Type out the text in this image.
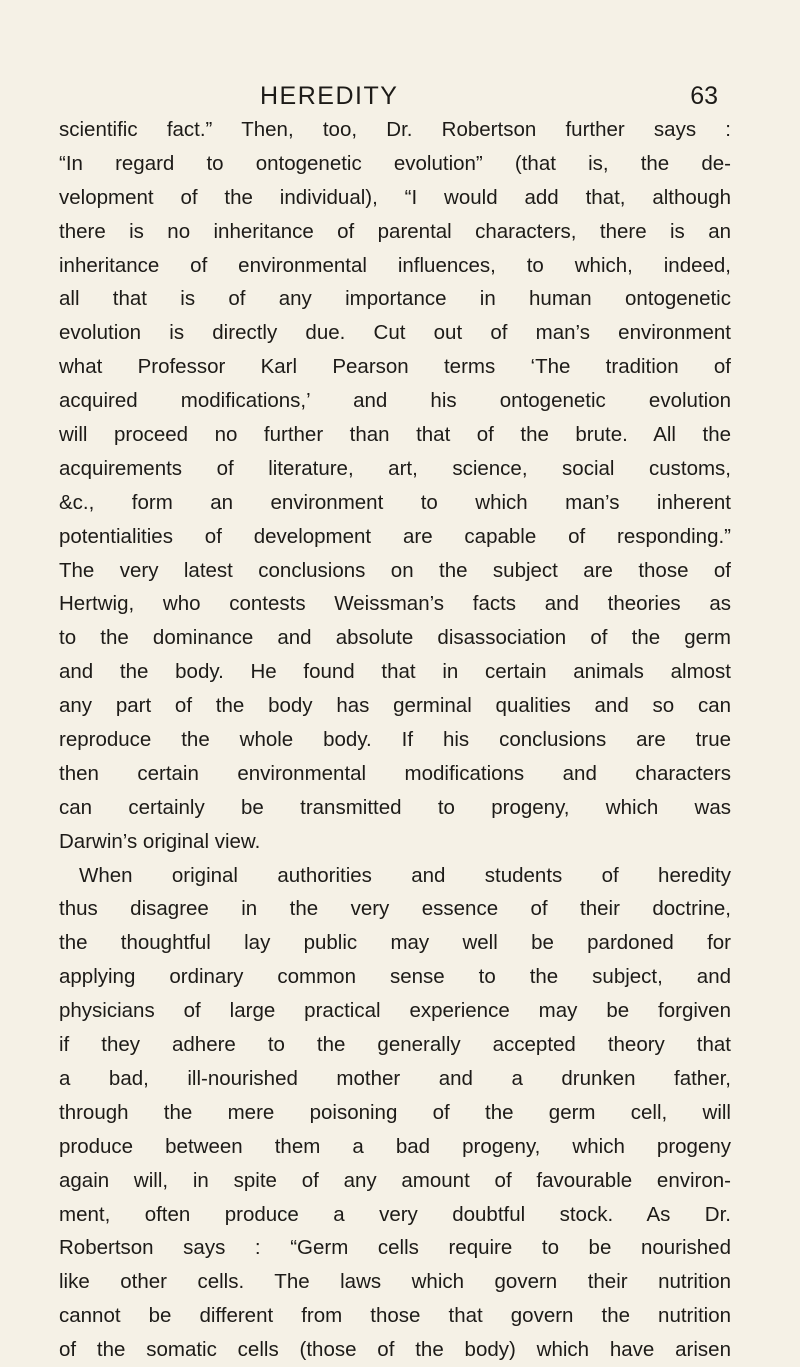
HEREDITY	63
scientific fact.” Then, too, Dr. Robertson further says :
“In regard to ontogenetic evolution” (that is, the de-
velopment of the individual), “I would add that, although
there is no inheritance of parental characters, there is an
inheritance of environmental influences, to which, indeed,
all that is of any importance in human ontogenetic
evolution is directly due. Cut out of man’s environment
what Professor Karl Pearson terms ‘The tradition of
acquired modifications,’ and his ontogenetic evolution
will proceed no further than that of the brute. All the
acquirements of literature, art, science, social customs,
&c., form an environment to which man’s inherent
potentialities of development are capable of responding.”
The very latest conclusions on the subject are those of
Hertwig, who contests Weissman’s facts and theories as
to the dominance and absolute disassociation of the germ
and the body. He found that in certain animals almost
any part of the body has germinal qualities and so can
reproduce the whole body. If his conclusions are true
then certain environmental modifications and characters
can certainly be transmitted to progeny, which was
Darwin’s original view.
When original authorities and students of heredity
thus disagree in the very essence of their doctrine,
the thoughtful lay public may well be pardoned for
applying ordinary common sense to the subject, and
physicians of large practical experience may be forgiven
if they adhere to the generally accepted theory that
a bad, ill-nourished mother and a drunken father,
through the mere poisoning of the germ cell, will
produce between them a bad progeny, which progeny
again will, in spite of any amount of favourable environ-
ment, often produce a very doubtful stock. As Dr.
Robertson says : “Germ cells require to be nourished
like other cells. The laws which govern their nutrition
cannot be different from those that govern the nutrition
of the somatic cells (those of the body) which have arisen
